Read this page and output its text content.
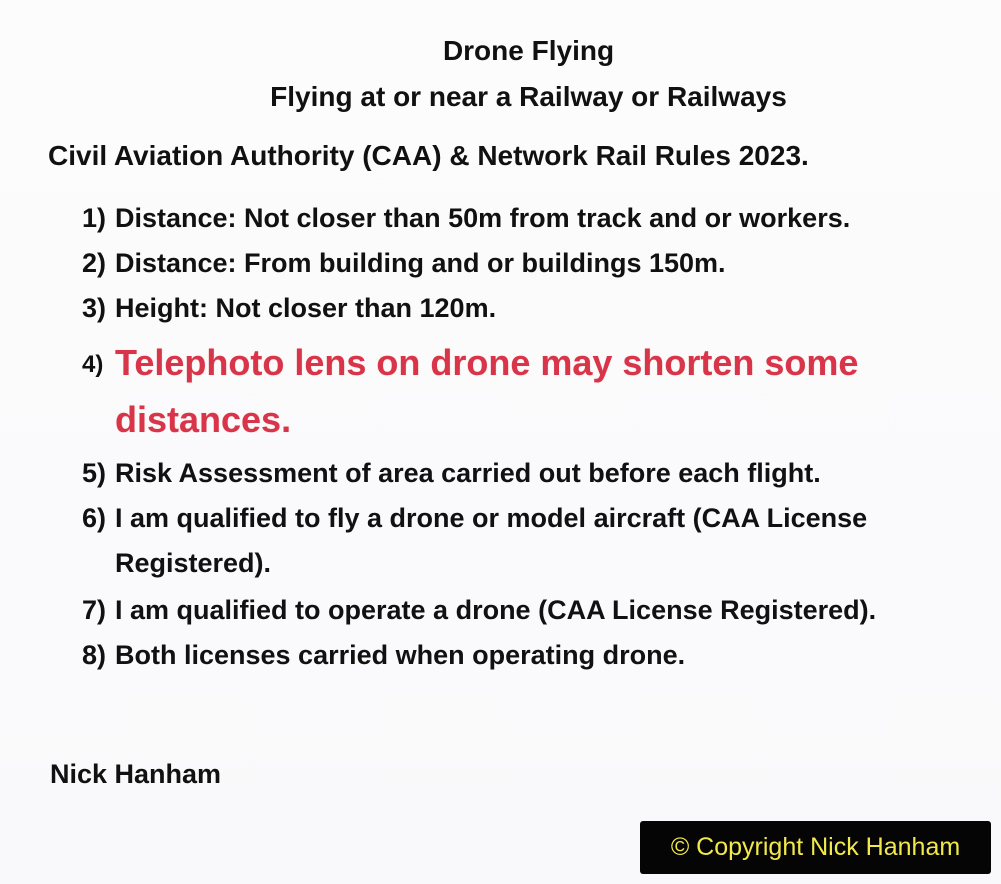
Drone Flying
Flying at or near a Railway or Railways
Civil Aviation Authority (CAA) & Network Rail Rules 2023.
1) Distance: Not closer than 50m from track and or workers.
2) Distance: From building and or buildings 150m.
3) Height: Not closer than 120m.
4) Telephoto lens on drone may shorten some distances.
5) Risk Assessment of area carried out before each flight.
6) I am qualified to fly a drone or model aircraft (CAA License Registered).
7) I am qualified to operate a drone (CAA License Registered).
8) Both licenses carried when operating drone.
Nick Hanham
© Copyright Nick Hanham
